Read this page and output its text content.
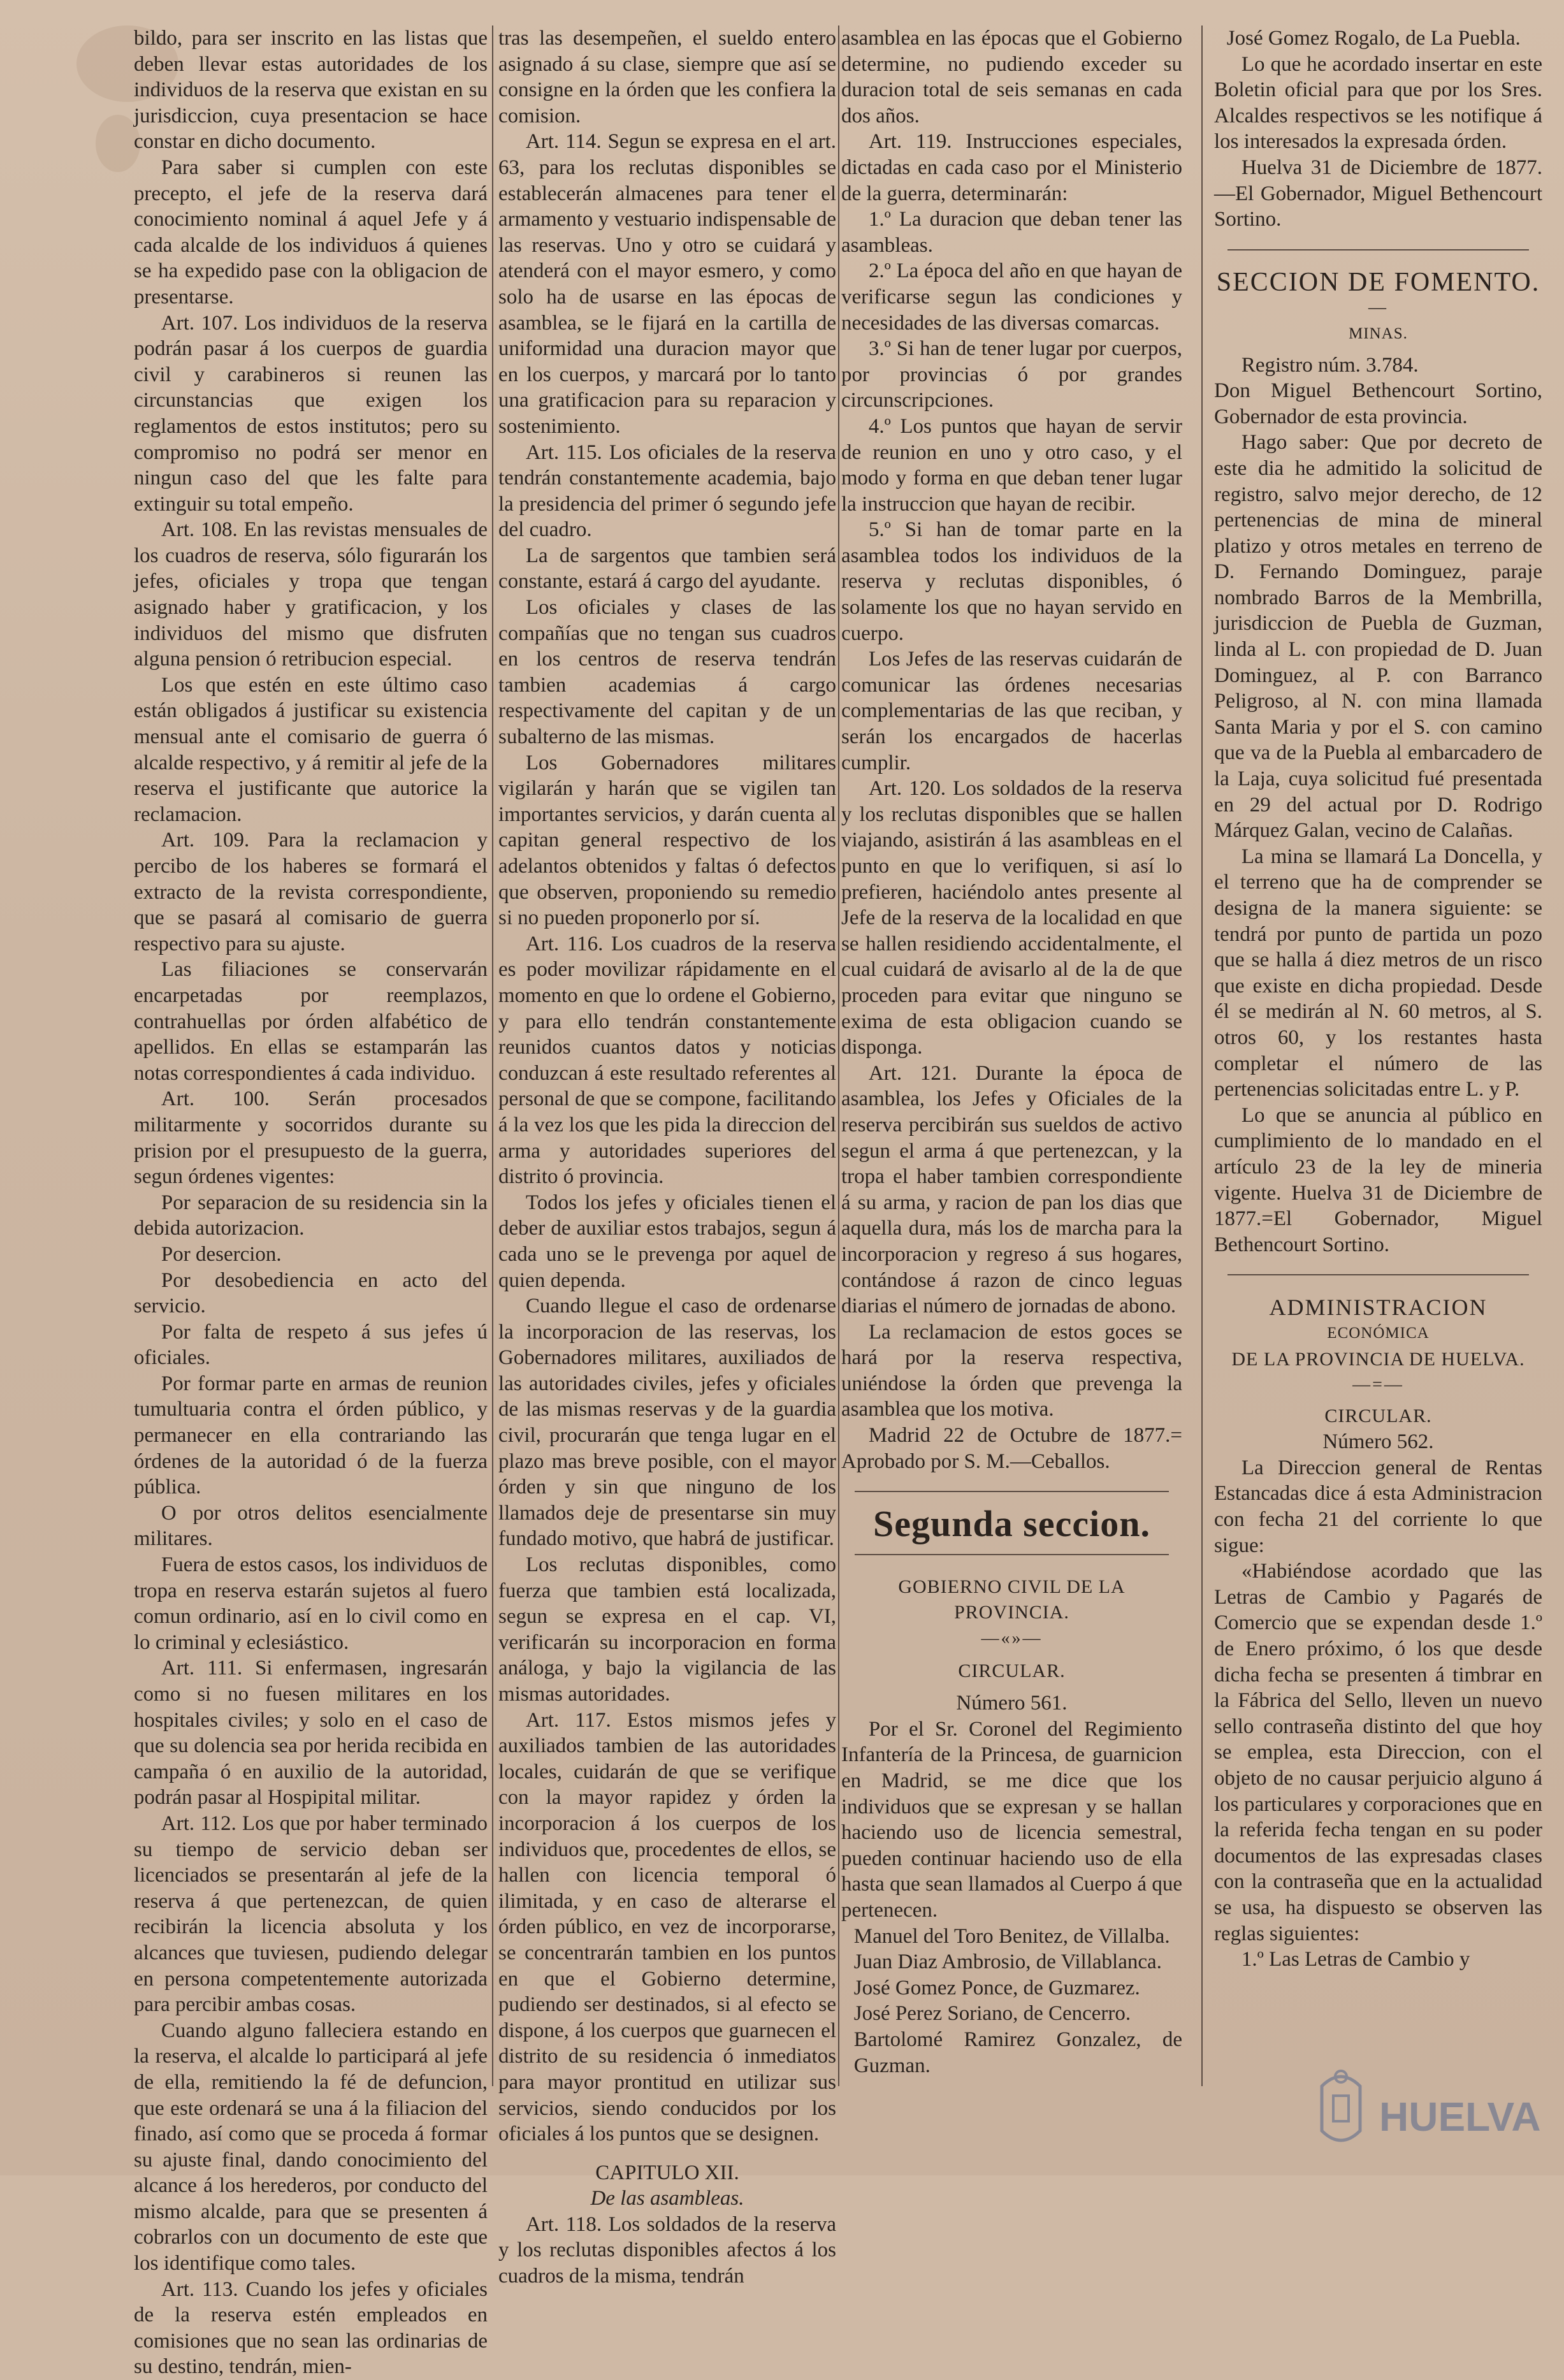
bildo, para ser inscrito en las listas que deben llevar estas autoridades de los individuos de la reserva que existan en su jurisdiccion, cuya presentacion se hace constar en dicho documento.

Para saber si cumplen con este precepto, el jefe de la reserva dará conocimiento nominal á aquel Jefe y á cada alcalde de los individuos á quienes se ha expedido pase con la obligacion de presentarse.

Art. 107. Los individuos de la reserva podrán pasar á los cuerpos de guardia civil y carabineros si reunen las circunstancias que exigen los reglamentos de estos institutos; pero su compromiso no podrá ser menor en ningun caso del que les falte para extinguir su total empeño.

Art. 108. En las revistas mensuales de los cuadros de reserva, sólo figurarán los jefes, oficiales y tropa que tengan asignado haber y gratificacion, y los individuos del mismo que disfruten alguna pension ó retribucion especial.

Los que estén en este último caso están obligados á justificar su existencia mensual ante el comisario de guerra ó alcalde respectivo, y á remitir al jefe de la reserva el justificante que autorice la reclamacion.

Art. 109. Para la reclamacion y percibo de los haberes se formará el extracto de la revista correspondiente, que se pasará al comisario de guerra respectivo para su ajuste.

Las filiaciones se conservarán encarpetadas por reemplazos, contrahuellas por órden alfabético de apellidos. En ellas se estamparán las notas correspondientes á cada individuo.

Art. 100. Serán procesados militarmente y socorridos durante su prision por el presupuesto de la guerra, segun órdenes vigentes:

Por separacion de su residencia sin la debida autorizacion.

Por desercion.

Por desobediencia en acto del servicio.

Por falta de respeto á sus jefes ú oficiales.

Por formar parte en armas de reunion tumultuaria contra el órden público, y permanecer en ella contrariando las órdenes de la autoridad ó de la fuerza pública.

O por otros delitos esencialmente militares.

Fuera de estos casos, los individuos de tropa en reserva estarán sujetos al fuero comun ordinario, así en lo civil como en lo criminal y eclesiástico.

Art. 111. Si enfermasen, ingresarán como si no fuesen militares en los hospitales civiles; y solo en el caso de que su dolencia sea por herida recibida en campaña ó en auxilio de la autoridad, podrán pasar al Hospipital militar.

Art. 112. Los que por haber terminado su tiempo de servicio deban ser licenciados se presentarán al jefe de la reserva á que pertenezcan, de quien recibirán la licencia absoluta y los alcances que tuviesen, pudiendo delegar en persona competentemente autorizada para percibir ambas cosas.

Cuando alguno falleciera estando en la reserva, el alcalde lo participará al jefe de ella, remitiendo la fé de defuncion, que este ordenará se una á la filiacion del finado, así como que se proceda á formar su ajuste final, dando conocimiento del alcance á los herederos, por conducto del mismo alcalde, para que se presenten á cobrarlos con un documento de este que los identifique como tales.

Art. 113. Cuando los jefes y oficiales de la reserva estén empleados en comisiones que no sean las ordinarias de su destino, tendrán, mien-

tras las desempeñen, el sueldo entero asignado á su clase, siempre que así se consigne en la órden que les confiera la comision.

Art. 114. Segun se expresa en el art. 63, para los reclutas disponibles se establecerán almacenes para tener el armamento y vestuario indispensable de las reservas. Uno y otro se cuidará y atenderá con el mayor esmero, y como solo ha de usarse en las épocas de asamblea, se le fijará en la cartilla de uniformidad una duracion mayor que en los cuerpos, y marcará por lo tanto una gratificacion para su reparacion y sostenimiento.

Art. 115. Los oficiales de la reserva tendrán constantemente academia, bajo la presidencia del primer ó segundo jefe del cuadro.

La de sargentos que tambien será constante, estará á cargo del ayudante.

Los oficiales y clases de las compañías que no tengan sus cuadros en los centros de reserva tendrán tambien academias á cargo respectivamente del capitan y de un subalterno de las mismas.

Los Gobernadores militares vigilarán y harán que se vigilen tan importantes servicios, y darán cuenta al capitan general respectivo de los adelantos obtenidos y faltas ó defectos que observen, proponiendo su remedio si no pueden proponerlo por sí.

Art. 116. Los cuadros de la reserva es poder movilizar rápidamente en el momento en que lo ordene el Gobierno, y para ello tendrán constantemente reunidos cuantos datos y noticias conduzcan á este resultado referentes al personal de que se compone, facilitando á la vez los que les pida la direccion del arma y autoridades superiores del distrito ó provincia.

Todos los jefes y oficiales tienen el deber de auxiliar estos trabajos, segun á cada uno se le prevenga por aquel de quien dependa.

Cuando llegue el caso de ordenarse la incorporacion de las reservas, los Gobernadores militares, auxiliados de las autoridades civiles, jefes y oficiales de las mismas reservas y de la guardia civil, procurarán que tenga lugar en el plazo mas breve posible, con el mayor órden y sin que ninguno de los llamados deje de presentarse sin muy fundado motivo, que habrá de justificar.

Los reclutas disponibles, como fuerza que tambien está localizada, segun se expresa en el cap. VI, verificarán su incorporacion en forma análoga, y bajo la vigilancia de las mismas autoridades.

Art. 117. Estos mismos jefes y auxiliados tambien de las autoridades locales, cuidarán de que se verifique con la mayor rapidez y órden la incorporacion á los cuerpos de los individuos que, procedentes de ellos, se hallen con licencia temporal ó ilimitada, y en caso de alterarse el órden público, en vez de incorporarse, se concentrarán tambien en los puntos en que el Gobierno determine, pudiendo ser destinados, si al efecto se dispone, á los cuerpos que guarnecen el distrito de su residencia ó inmediatos para mayor prontitud en utilizar sus servicios, siendo conducidos por los oficiales á los puntos que se designen.

CAPITULO XII.

De las asambleas.

Art. 118. Los soldados de la reserva y los reclutas disponibles afectos á los cuadros de la misma, tendrán

asamblea en las épocas que el Gobierno determine, no pudiendo exceder su duracion total de seis semanas en cada dos años.

Art. 119. Instrucciones especiales, dictadas en cada caso por el Ministerio de la guerra, determinarán:

1.º La duracion que deban tener las asambleas.

2.º La época del año en que hayan de verificarse segun las condiciones y necesidades de las diversas comarcas.

3.º Si han de tener lugar por cuerpos, por provincias ó por grandes circunscripciones.

4.º Los puntos que hayan de servir de reunion en uno y otro caso, y el modo y forma en que deban tener lugar la instruccion que hayan de recibir.

5.º Si han de tomar parte en la asamblea todos los individuos de la reserva y reclutas disponibles, ó solamente los que no hayan servido en cuerpo.

Los Jefes de las reservas cuidarán de comunicar las órdenes necesarias complementarias de las que reciban, y serán los encargados de hacerlas cumplir.

Art. 120. Los soldados de la reserva y los reclutas disponibles que se hallen viajando, asistirán á las asambleas en el punto en que lo verifiquen, si así lo prefieren, haciéndolo antes presente al Jefe de la reserva de la localidad en que se hallen residiendo accidentalmente, el cual cuidará de avisarlo al de la de que proceden para evitar que ninguno se exima de esta obligacion cuando se disponga.

Art. 121. Durante la época de asamblea, los Jefes y Oficiales de la reserva percibirán sus sueldos de activo segun el arma á que pertenezcan, y la tropa el haber tambien correspondiente á su arma, y racion de pan los dias que aquella dura, más los de marcha para la incorporacion y regreso á sus hogares, contándose á razon de cinco leguas diarias el número de jornadas de abono.

La reclamacion de estos goces se hará por la reserva respectiva, uniéndose la órden que prevenga la asamblea que los motiva.

Madrid 22 de Octubre de 1877.= Aprobado por S. M.—Ceballos.

Segunda seccion.

GOBIERNO CIVIL DE LA PROVINCIA.

—«»—

CIRCULAR.

Número 561.

Por el Sr. Coronel del Regimiento Infantería de la Princesa, de guarnicion en Madrid, se me dice que los individuos que se expresan y se hallan haciendo uso de licencia semestral, pueden continuar haciendo uso de ella hasta que sean llamados al Cuerpo á que pertenecen.

Manuel del Toro Benitez, de Villalba.

Juan Diaz Ambrosio, de Villablanca.

José Gomez Ponce, de Guzmarez.

José Perez Soriano, de Cencerro.

Bartolomé Ramirez Gonzalez, de Guzman.

José Gomez Rogalo, de La Puebla.

Lo que he acordado insertar en este Boletin oficial para que por los Sres. Alcaldes respectivos se les notifique á los interesados la expresada órden.

Huelva 31 de Diciembre de 1877.—El Gobernador, Miguel Bethencourt Sortino.

SECCION DE FOMENTO.

—

MINAS.

Registro núm. 3.784.

Don Miguel Bethencourt Sortino, Gobernador de esta provincia.

Hago saber: Que por decreto de este dia he admitido la solicitud de registro, salvo mejor derecho, de 12 pertenencias de mina de mineral platizo y otros metales en terreno de D. Fernando Dominguez, paraje nombrado Barros de la Membrilla, jurisdiccion de Puebla de Guzman, linda al L. con propiedad de D. Juan Dominguez, al P. con Barranco Peligroso, al N. con mina llamada Santa Maria y por el S. con camino que va de la Puebla al embarcadero de la Laja, cuya solicitud fué presentada en 29 del actual por D. Rodrigo Márquez Galan, vecino de Calañas.

La mina se llamará La Doncella, y el terreno que ha de comprender se designa de la manera siguiente: se tendrá por punto de partida un pozo que se halla á diez metros de un risco que existe en dicha propiedad. Desde él se medirán al N. 60 metros, al S. otros 60, y los restantes hasta completar el número de las pertenencias solicitadas entre L. y P.

Lo que se anuncia al público en cumplimiento de lo mandado en el artículo 23 de la ley de mineria vigente. Huelva 31 de Diciembre de 1877.=El Gobernador, Miguel Bethencourt Sortino.

ADMINISTRACION

ECONÓMICA

DE LA PROVINCIA DE HUELVA.

—=—

CIRCULAR.

Número 562.

La Direccion general de Rentas Estancadas dice á esta Administracion con fecha 21 del corriente lo que sigue:

«Habiéndose acordado que las Letras de Cambio y Pagarés de Comercio que se expendan desde 1.º de Enero próximo, ó los que desde dicha fecha se presenten á timbrar en la Fábrica del Sello, lleven un nuevo sello contraseña distinto del que hoy se emplea, esta Direccion, con el objeto de no causar perjuicio alguno á los particulares y corporaciones que en la referida fecha tengan en su poder documentos de las expresadas clases con la contraseña que en la actualidad se usa, ha dispuesto se observen las reglas siguientes:

1.º Las Letras de Cambio y

HUELVA
